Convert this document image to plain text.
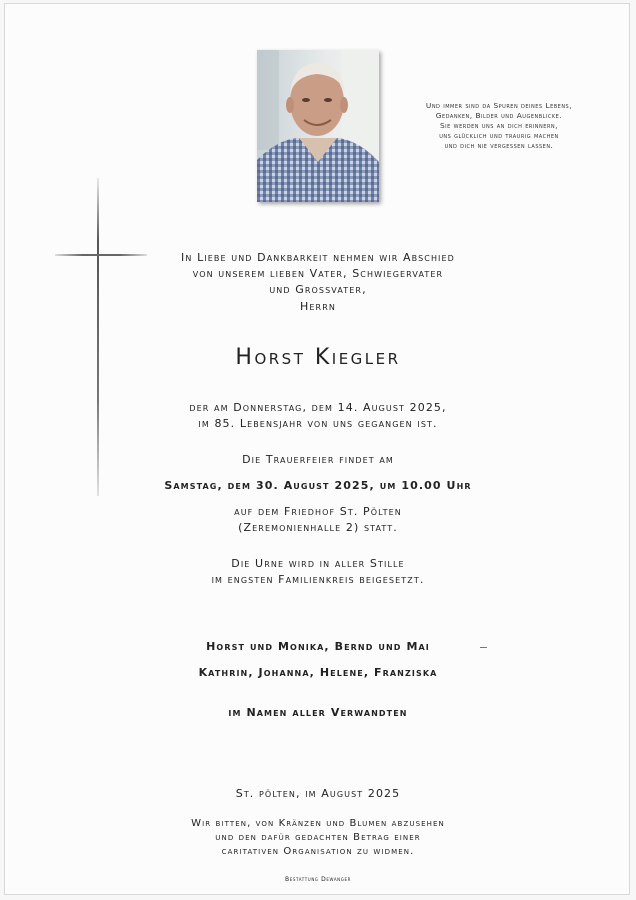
Und immer sind da Spuren deines Lebens,
Gedanken, Bilder und Augenblicke.
Sie werden uns an dich erinnern,
uns glücklich und traurig machen
und dich nie vergessen lassen.
In Liebe und Dankbarkeit nehmen wir Abschied
von unserem lieben Vater, Schwiegervater
und Grossvater,
Herrn
Horst Kiegler
der am Donnerstag, dem 14. August 2025,
im 85. Lebensjahr von uns gegangen ist.
Die Trauerfeier findet am
Samstag, dem 30. August 2025, um 10.00 Uhr
auf dem Friedhof St. Pölten
(Zeremonienhalle 2) statt.
Die Urne wird in aller Stille
im engsten Familienkreis beigesetzt.
Horst und Monika, Bernd und Mai
Kathrin, Johanna, Helene, Franziska
im Namen aller Verwandten
St. pölten, im August 2025
Wir bitten, von Kränzen und Blumen abzusehen
und den dafür gedachten Betrag einer
caritativen Organisation zu widmen.
Bestattung Dewanger
